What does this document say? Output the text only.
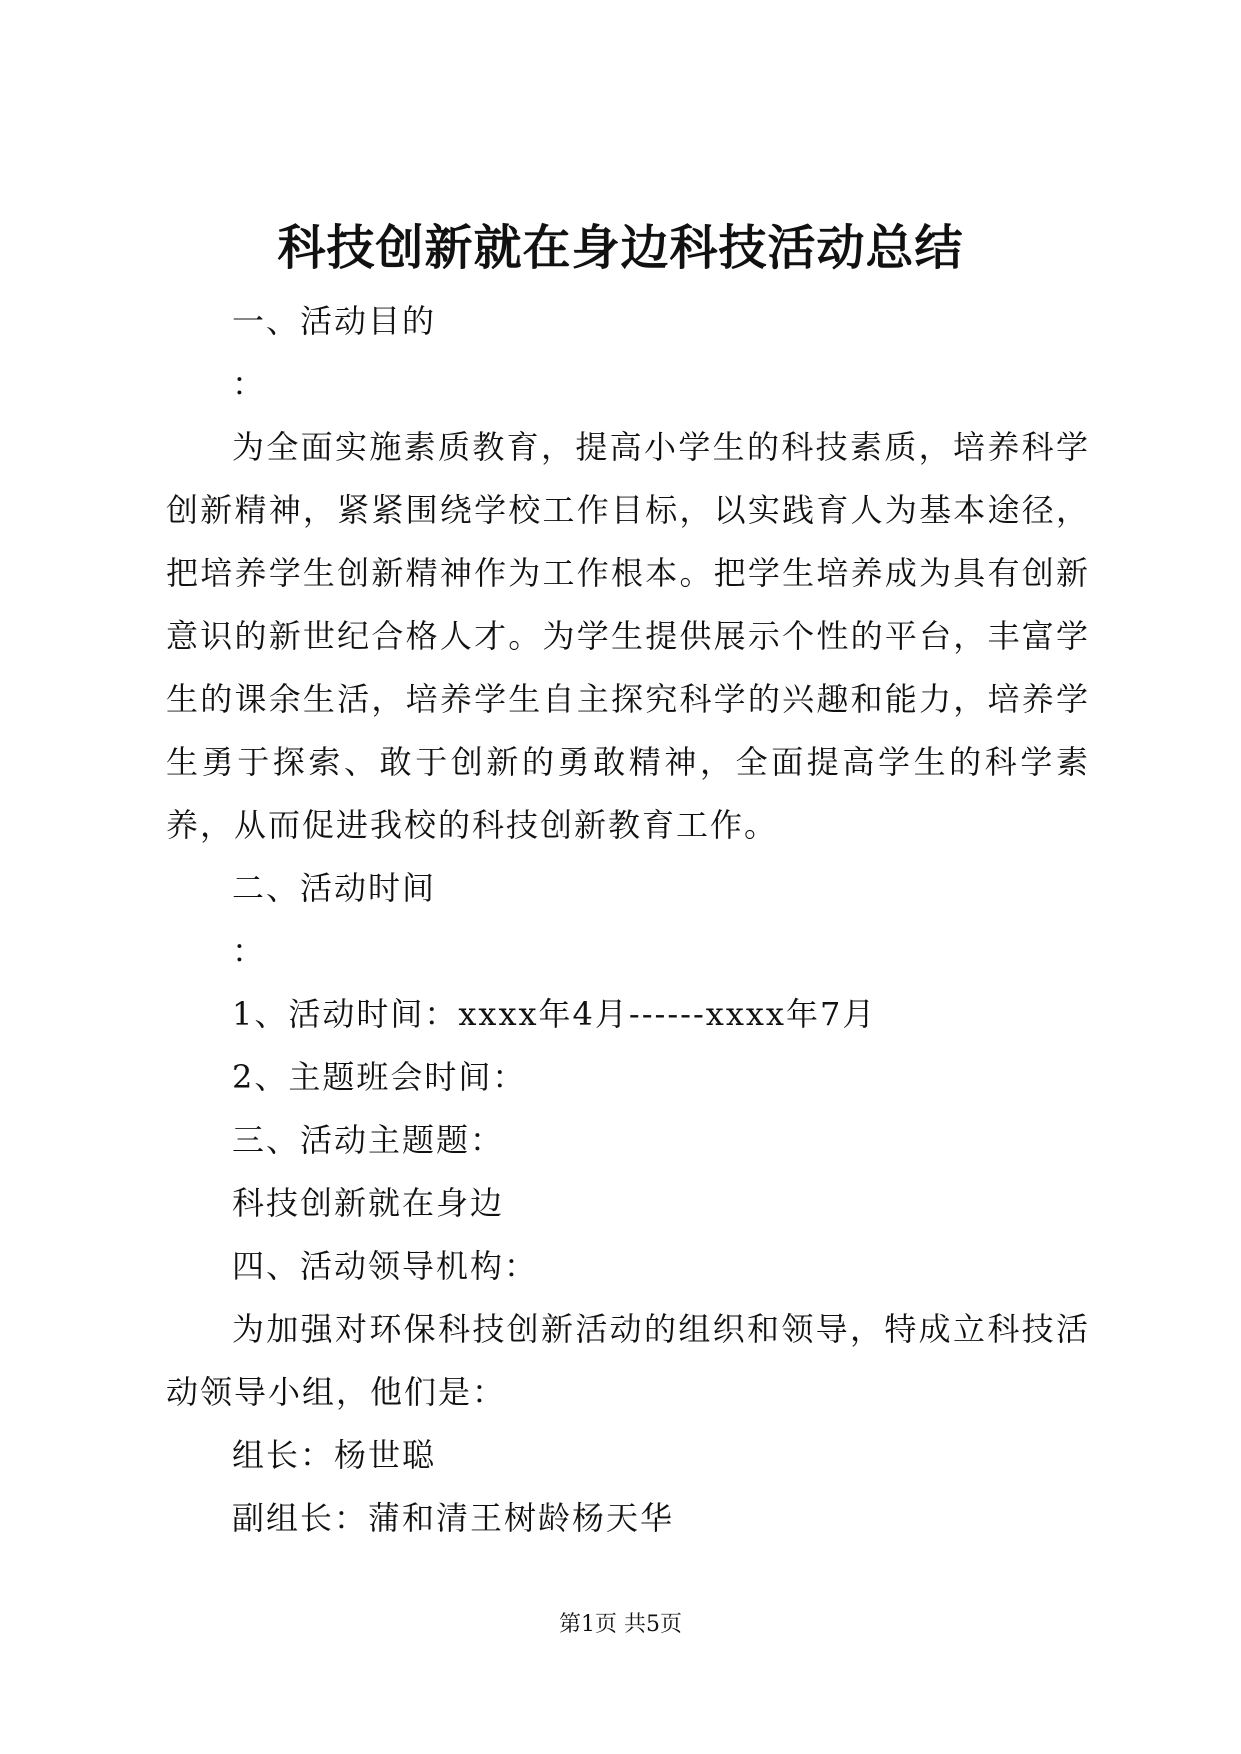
科技创新就在身边科技活动总结

一、活动目的

：

为全面实施素质教育，提高小学生的科技素质，培养科学创新精神，紧紧围绕学校工作目标，以实践育人为基本途径，把培养学生创新精神作为工作根本。把学生培养成为具有创新意识的新世纪合格人才。为学生提供展示个性的平台，丰富学生的课余生活，培养学生自主探究科学的兴趣和能力，培养学生勇于探索、敢于创新的勇敢精神，全面提高学生的科学素养，从而促进我校的科技创新教育工作。

二、活动时间

：

1、活动时间：xxxx年4月------xxxx年7月

2、主题班会时间：

三、活动主题题：

科技创新就在身边

四、活动领导机构：

为加强对环保科技创新活动的组织和领导，特成立科技活动领导小组，他们是：

组长：杨世聪

副组长：蒲和清王树龄杨天华

第1页 共5页
